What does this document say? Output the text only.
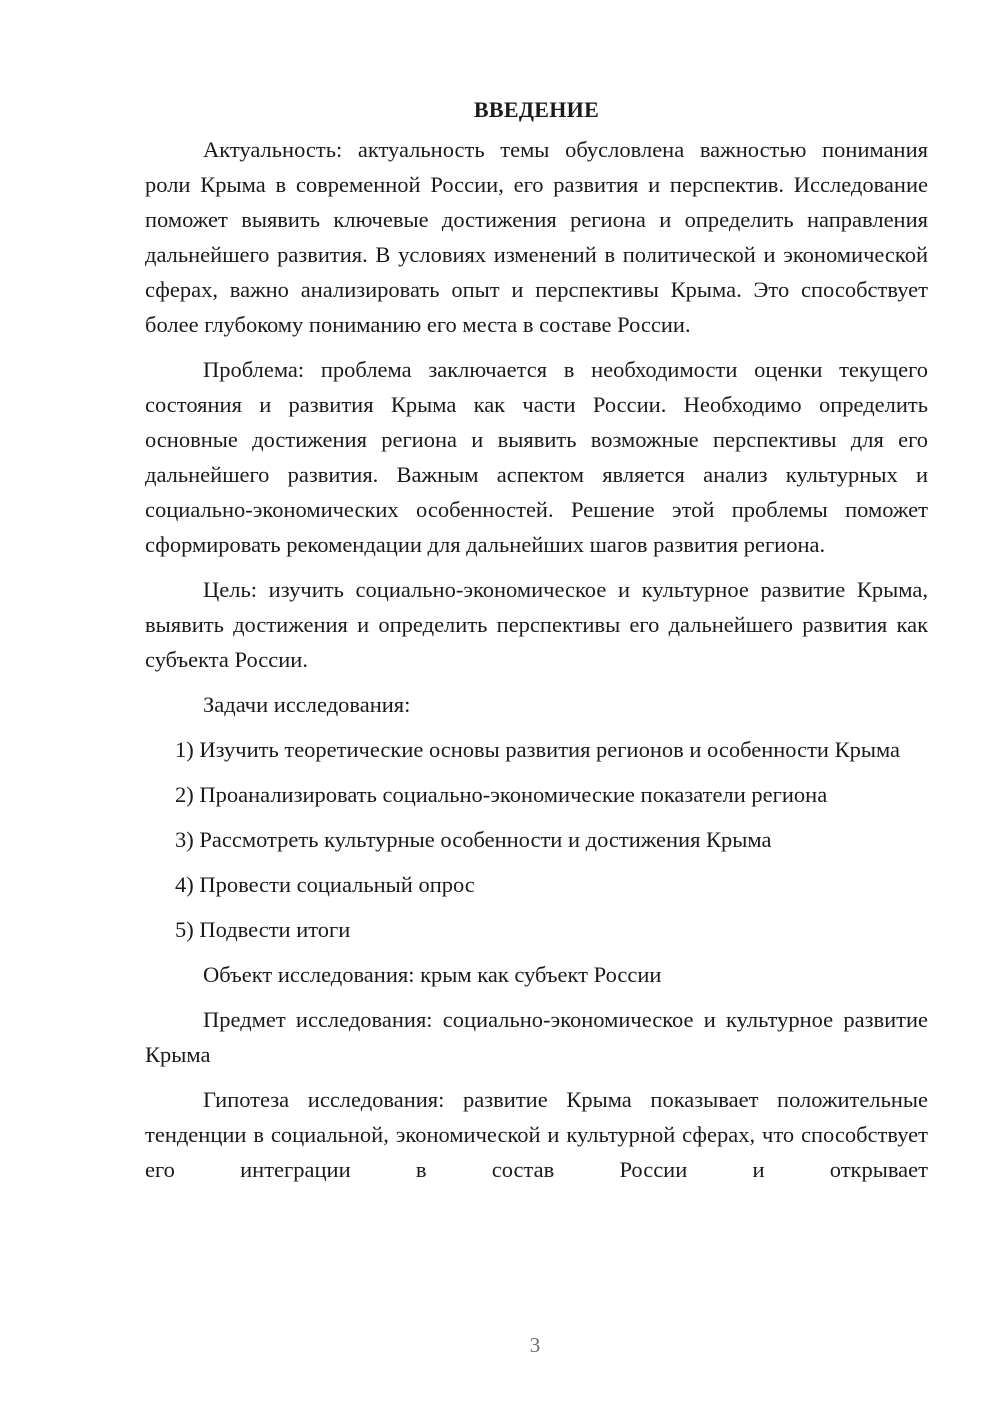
ВВЕДЕНИЕ

Актуальность: актуальность темы обусловлена важностью понимания роли Крыма в современной России, его развития и перспектив. Исследование поможет выявить ключевые достижения региона и определить направления дальнейшего развития. В условиях изменений в политической и экономической сферах, важно анализировать опыт и перспективы Крыма. Это способствует более глубокому пониманию его места в составе России.

Проблема: проблема заключается в необходимости оценки текущего состояния и развития Крыма как части России. Необходимо определить основные достижения региона и выявить возможные перспективы для его дальнейшего развития. Важным аспектом является анализ культурных и социально-экономических особенностей. Решение этой проблемы поможет сформировать рекомендации для дальнейших шагов развития региона.

Цель: изучить социально-экономическое и культурное развитие Крыма, выявить достижения и определить перспективы его дальнейшего развития как субъекта России.

Задачи исследования:

1) Изучить теоретические основы развития регионов и особенности Крыма

2) Проанализировать социально-экономические показатели региона

3) Рассмотреть культурные особенности и достижения Крыма

4) Провести социальный опрос

5) Подвести итоги

Объект исследования: крым как субъект России

Предмет исследования: социально-экономическое и культурное развитие Крыма

Гипотеза исследования: развитие Крыма показывает положительные тенденции в социальной, экономической и культурной сферах, что способствует его интеграции в состав России и открывает

3
